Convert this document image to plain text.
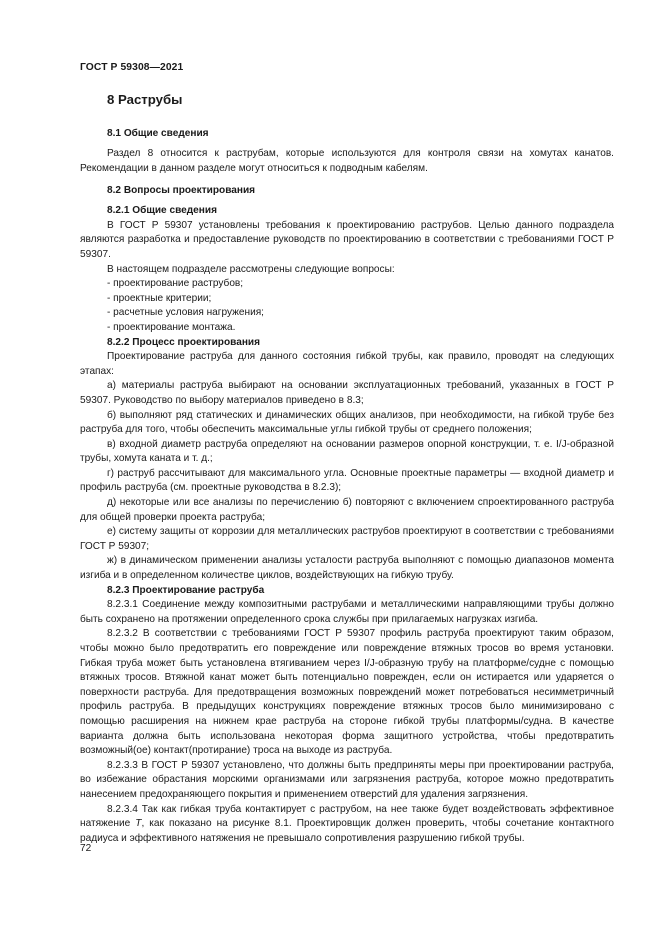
ГОСТ Р 59308—2021
8 Раструбы
8.1 Общие сведения

Раздел 8 относится к раструбам, которые используются для контроля связи на хомутах канатов. Рекомендации в данном разделе могут относиться к подводным кабелям.

8.2 Вопросы проектирования
8.2.1 Общие сведения

В ГОСТ Р 59307 установлены требования к проектированию раструбов. Целью данного подраздела являются разработка и предоставление руководств по проектированию в соответствии с требованиями ГОСТ Р 59307.

В настоящем подразделе рассмотрены следующие вопросы:

- проектирование раструбов;
- проектные критерии;
- расчетные условия нагружения;
- проектирование монтажа.
8.2.2 Процесс проектирования

Проектирование раструба для данного состояния гибкой трубы, как правило, проводят на следующих этапах:

а) материалы раструба выбирают на основании эксплуатационных требований, указанных в ГОСТ Р 59307. Руководство по выбору материалов приведено в 8.3;

б) выполняют ряд статических и динамических общих анализов, при необходимости, на гибкой трубе без раструба для того, чтобы обеспечить максимальные углы гибкой трубы от среднего положения;

в) входной диаметр раструба определяют на основании размеров опорной конструкции, т. е. I/J-образной трубы, хомута каната и т. д.;

г) раструб рассчитывают для максимального угла. Основные проектные параметры — входной диаметр и профиль раструба (см. проектные руководства в 8.2.3);

д) некоторые или все анализы по перечислению б) повторяют с включением спроектированного раструба для общей проверки проекта раструба;

е) систему защиты от коррозии для металлических раструбов проектируют в соответствии с требованиями ГОСТ Р 59307;

ж) в динамическом применении анализы усталости раструба выполняют с помощью диапазонов момента изгиба и в определенном количестве циклов, воздействующих на гибкую трубу.

8.2.3 Проектирование раструба

8.2.3.1 Соединение между композитными раструбами и металлическими направляющими трубы должно быть сохранено на протяжении определенного срока службы при прилагаемых нагрузках изгиба.

8.2.3.2 В соответствии с требованиями ГОСТ Р 59307 профиль раструба проектируют таким образом, чтобы можно было предотвратить его повреждение или повреждение втяжных тросов во время установки. Гибкая труба может быть установлена втягиванием через I/J-образную трубу на платформе/судне с помощью втяжных тросов. Втяжной канат может быть потенциально поврежден, если он истирается или ударяется о поверхности раструба. Для предотвращения возможных повреждений может потребоваться несимметричный профиль раструба. В предыдущих конструкциях повреждение втяжных тросов было минимизировано с помощью расширения на нижнем крае раструба на стороне гибкой трубы платформы/судна. В качестве варианта должна быть использована некоторая форма защитного устройства, чтобы предотвратить возможный(ое) контакт(протирание) троса на выходе из раструба.

8.2.3.3 В ГОСТ Р 59307 установлено, что должны быть предприняты меры при проектировании раструба, во избежание обрастания морскими организмами или загрязнения раструба, которое можно предотвратить нанесением предохраняющего покрытия и применением отверстий для удаления загрязнения.

8.2.3.4 Так как гибкая труба контактирует с раструбом, на нее также будет воздействовать эффективное натяжение T, как показано на рисунке 8.1. Проектировщик должен проверить, чтобы сочетание контактного радиуса и эффективного натяжения не превышало сопротивления разрушению гибкой трубы.

72
